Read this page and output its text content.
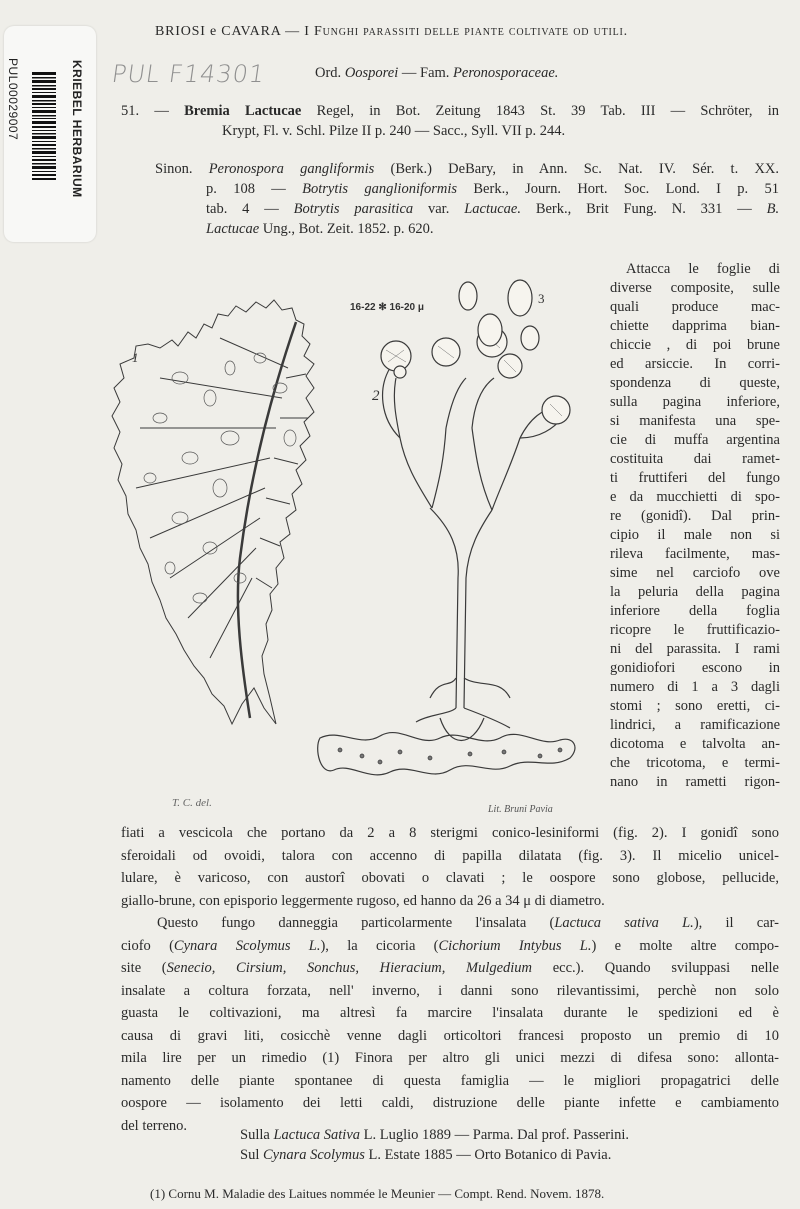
KRIEBEL HERBARIUM
PUL00029007	PUL F14301
BRIOSI e CAVARA — I Funghi parassiti delle piante coltivate od utili.
Ord. Oosporei — Fam. Peronosporaceae.
51. — Bremia Lactucae Regel, in Bot. Zeitung 1843 St. 39 Tab. III — Schröter, in
Krypt, Fl. v. Schl. Pilze II p. 240 — Sacc., Syll. VII p. 244.
Sinon. Peronospora gangliformis (Berk.) DeBary, in Ann. Sc. Nat. IV. Sér. t. XX.
p. 108 — Botrytis ganglioniformis Berk., Journ. Hort. Soc. Lond. I p. 51
tab. 4 — Botrytis parasitica var. Lactucae. Berk., Brit Fung. N. 331 — B.
Lactucae Ung., Bot. Zeit. 1852. p. 620.
1
2
3
16-22 ✻ 16-20 μ
T. C. del.
Lit. Bruni Pavia
Attacca le foglie di
diverse composite, sulle
quali produce mac-
chiette dapprima bian-
chiccie , di poi brune
ed arsiccie. In corri-
spondenza di queste,
sulla pagina inferiore,
si manifesta una spe-
cie di muffa argentina
costituita dai ramet-
ti fruttiferi del fungo
e da mucchietti di spo-
re (gonidî). Dal prin-
cipio il male non si
rileva facilmente, mas-
sime nel carciofo ove
la peluria della pagina
inferiore della foglia
ricopre le fruttificazio-
ni del parassita. I rami
gonidiofori escono in
numero di 1 a 3 dagli
stomi ; sono eretti, ci-
lindrici, a ramificazione
dicotoma e talvolta an-
che tricotoma, e termi-
nano in rametti rigon-
fiati a vescicola che portano da 2 a 8 sterigmi conico-lesiniformi (fig. 2). I gonidî sono
sferoidali od ovoidi, talora con accenno di papilla dilatata (fig. 3). Il micelio unicel-
lulare, è varicoso, con austorî obovati o clavati ; le oospore sono globose, pellucide,
giallo-brune, con episporio leggermente rugoso, ed hanno da 26 a 34 μ di diametro.
Questo fungo danneggia particolarmente l'insalata (Lactuca sativa L.), il car-
ciofo (Cynara Scolymus L.), la cicoria (Cichorium Intybus L.) e molte altre compo-
site (Senecio, Cirsium, Sonchus, Hieracium, Mulgedium ecc.). Quando sviluppasi nelle
insalate a coltura forzata, nell' inverno, i danni sono rilevantissimi, perchè non solo
guasta le coltivazioni, ma altresì fa marcire l'insalata durante le spedizioni ed è
causa di gravi liti, cosicchè venne dagli orticoltori francesi proposto un premio di 10
mila lire per un rimedio (1) Finora per altro gli unici mezzi di difesa sono: allonta-
namento delle piante spontanee di questa famiglia — le migliori propagatrici delle
oospore — isolamento dei letti caldi, distruzione delle piante infette e cambiamento
del terreno.
Sulla Lactuca Sativa L. Luglio 1889 — Parma. Dal prof. Passerini.
Sul Cynara Scolymus L. Estate 1885 — Orto Botanico di Pavia.
(1) Cornu M. Maladie des Laitues nommée le Meunier — Compt. Rend. Novem. 1878.
